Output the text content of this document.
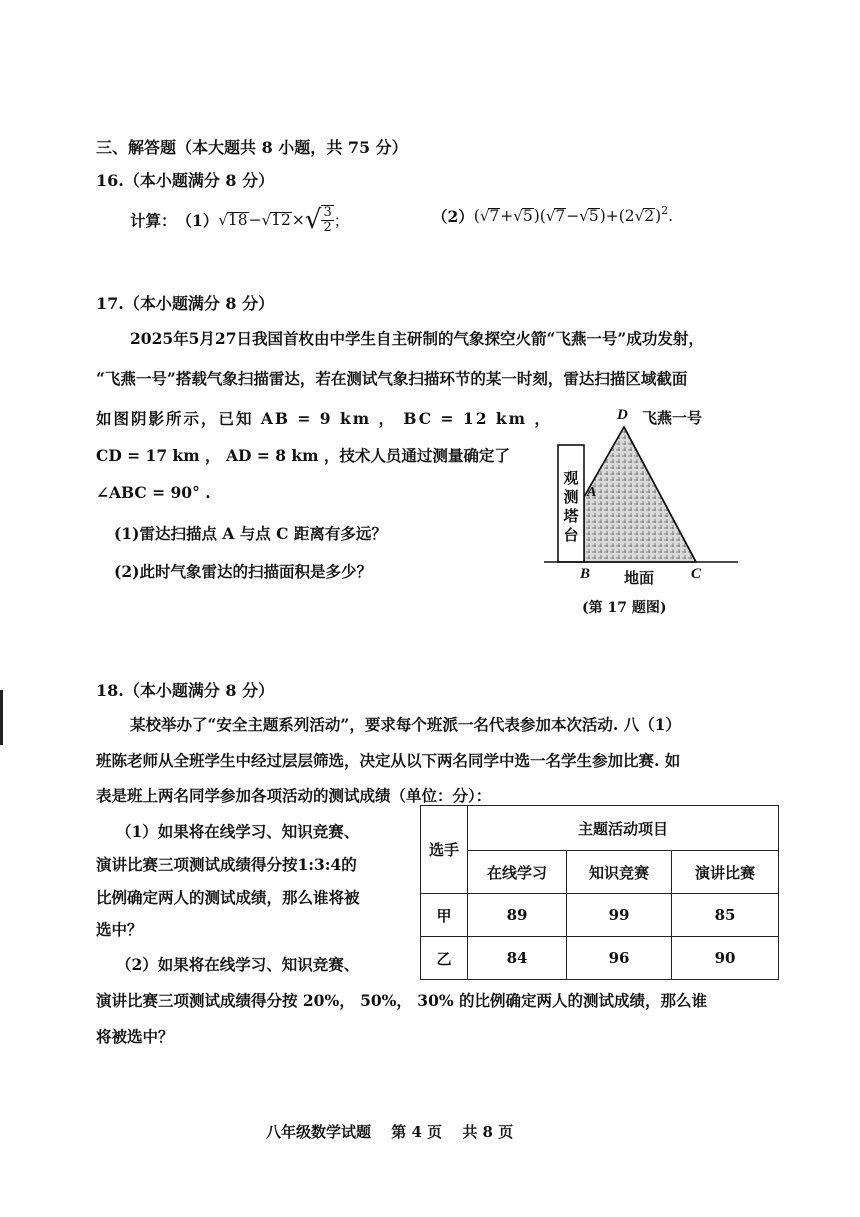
三、解答题（本大题共 8 小题，共 75 分）
16.（本小题满分 8 分）
计算： （1） √ 18 − √ 12 × √ $\frac{3}{2}$ ；	（2） ( √ 7 + √ 5 )( √ 7 − √ 5 )+(2 √ 2 )$^2$ .
17.（本小题满分 8 分）
2025年5月27日我国首枚由中学生自主研制的气象探空火箭“飞燕一号”成功发射，
“飞燕一号”搭载气象扫描雷达，若在测试气象扫描环节的某一时刻，雷达扫描区域截面
如图阴影所示，已知 AB = 9 km ， BC = 12 km ，
CD = 17 km ， AD = 8 km ，技术人员通过测量确定了
∠ABC = 90° .
(1)雷达扫描点 A 与点 C 距离有多远？
(2)此时气象雷达的扫描面积是多少？
D 飞燕一号
A
观
测
塔
台
B 地面 C
(第 17 题图)
18.（本小题满分 8 分）
某校举办了“安全主题系列活动”，要求每个班派一名代表参加本次活动. 八（1）
班陈老师从全班学生中经过层层筛选，决定从以下两名同学中选一名学生参加比赛. 如
表是班上两名同学参加各项活动的测试成绩（单位：分）：
（1）如果将在线学习、知识竞赛、
演讲比赛三项测试成绩得分按1:3:4的
比例确定两人的测试成绩，那么谁将被
选中？
（2）如果将在线学习、知识竞赛、
演讲比赛三项测试成绩得分按 20%， 50%， 30% 的比例确定两人的测试成绩，那么谁
将被选中？
选手	主题活动项目		
	在线学习	知识竞赛	演讲比赛
甲	89	99	85
乙	84	96	90
八年级数学试题　 第 4 页　 共 8 页
